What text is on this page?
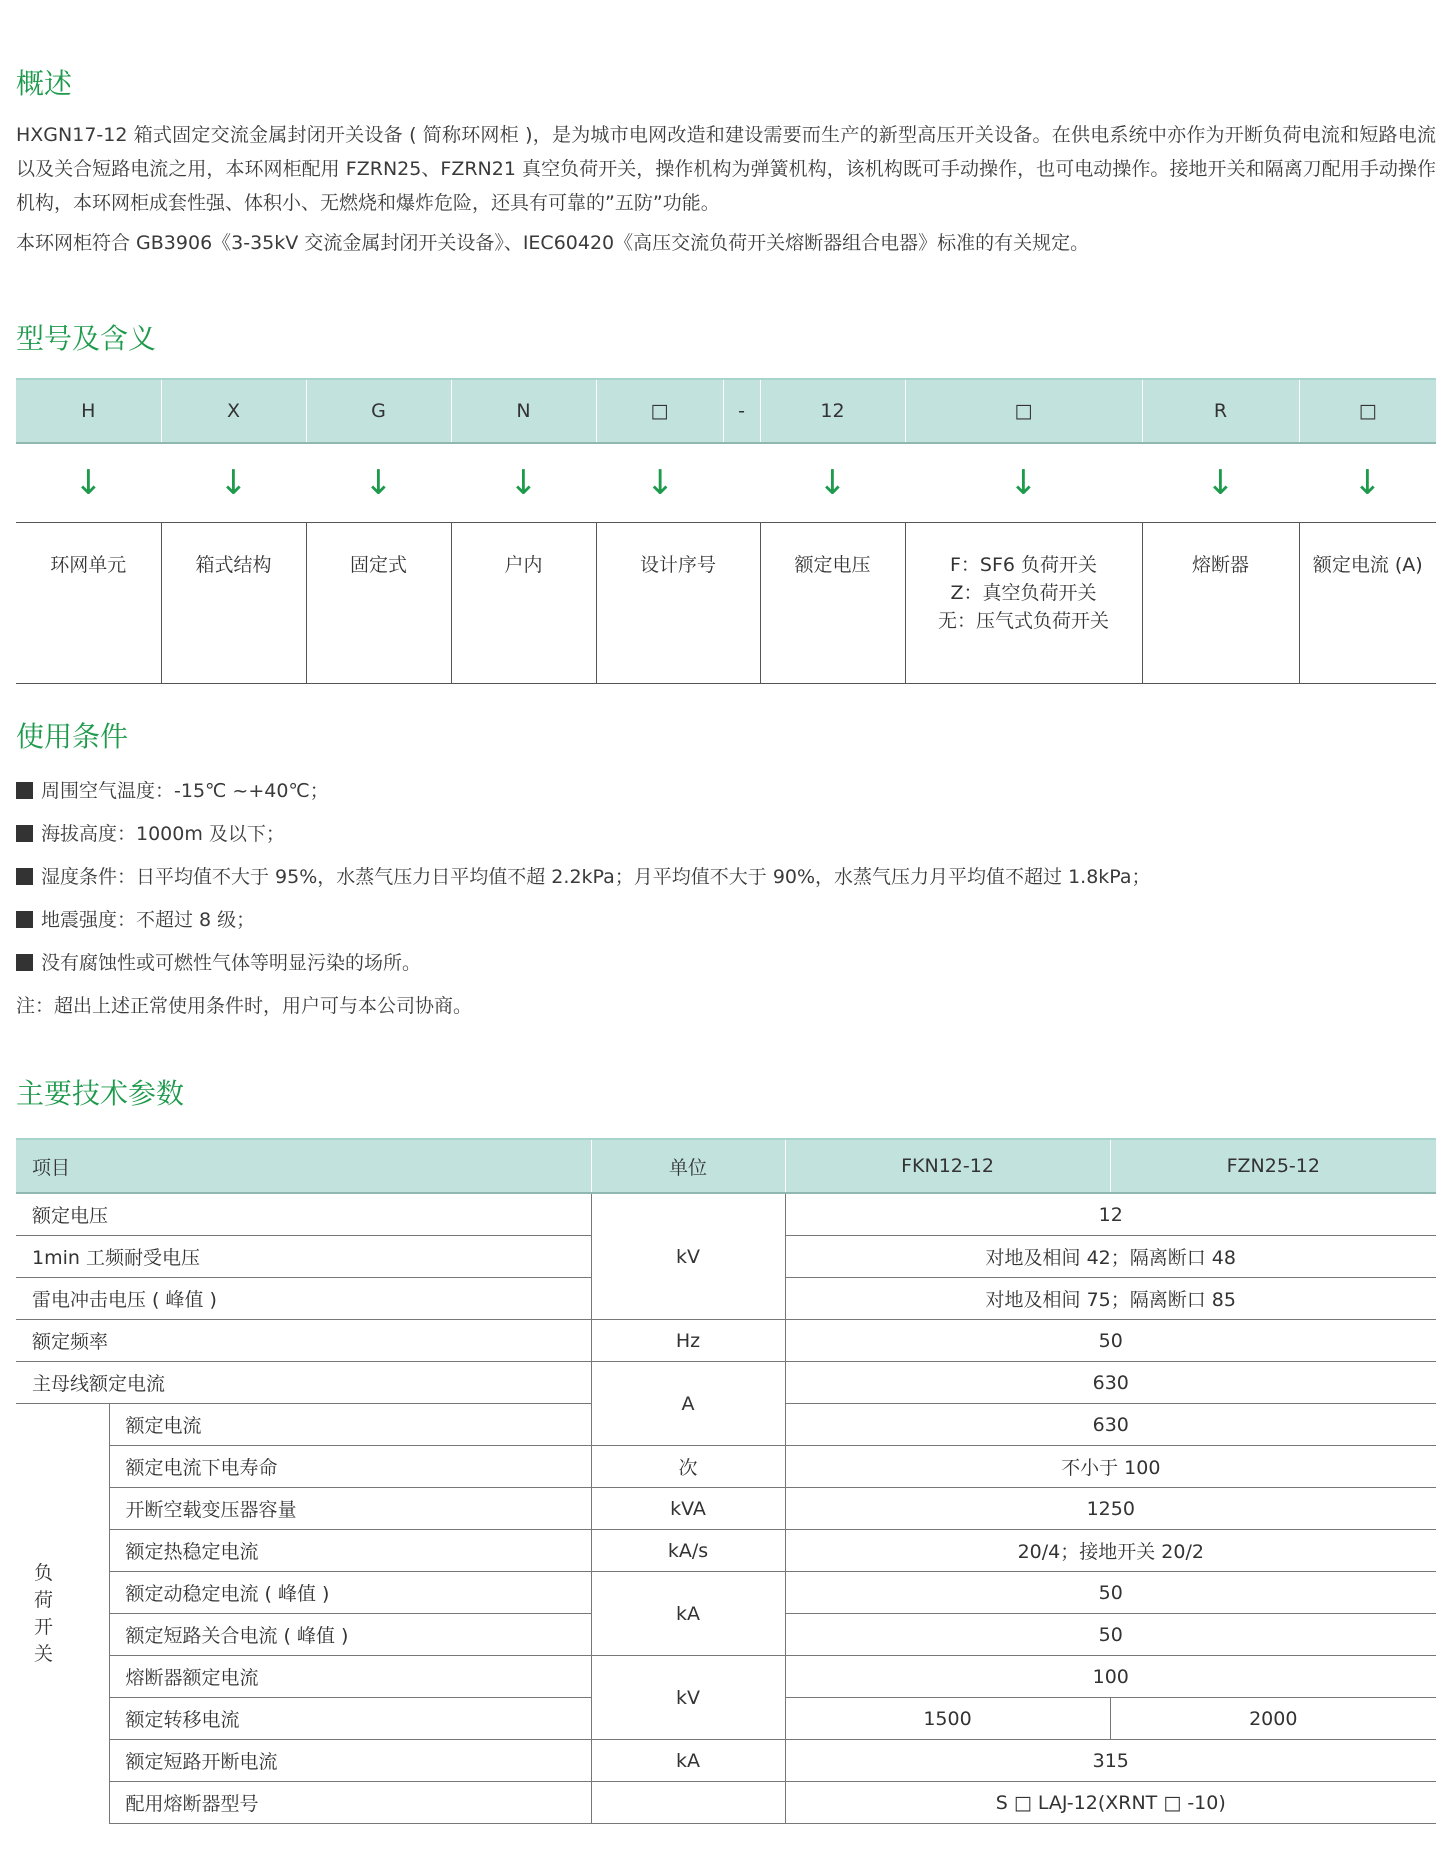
概述

HXGN17-12 箱式固定交流金属封闭开关设备 ( 简称环网柜 )，是为城市电网改造和建设需要而生产的新型高压开关设备。在供电系统中亦作为开断负荷电流和短路电流以及关合短路电流之用，本环网柜配用 FZRN25、FZRN21 真空负荷开关，操作机构为弹簧机构，该机构既可手动操作，也可电动操作。接地开关和隔离刀配用手动操作机构，本环网柜成套性强、体积小、无燃烧和爆炸危险，还具有可靠的”五防”功能。

本环网柜符合 GB3906《3-35kV 交流金属封闭开关设备》、IEC60420《高压交流负荷开关熔断器组合电器》标准的有关规定。

型号及含义
H	X	G	N	□	-	12	□	R	□
↓	↓	↓	↓	↓		↓	↓	↓	↓
环网单元	箱式结构	固定式	户内	设计序号		额定电压	F：SF6 负荷开关
Z：真空负荷开关
无：压气式负荷开关	熔断器	额定电流 (A)
使用条件
周围空气温度：-15℃ ~+40℃；
海拔高度：1000m 及以下；
湿度条件：日平均值不大于 95%，水蒸气压力日平均值不超 2.2kPa；月平均值不大于 90%，水蒸气压力月平均值不超过 1.8kPa；
地震强度：不超过 8 级；
没有腐蚀性或可燃性气体等明显污染的场所。
注：超出上述正常使用条件时，用户可与本公司协商。
主要技术参数
项目		单位	FKN12-12	FZN25-12
额定电压		kV	12	
1min 工频耐受电压			对地及相间 42；隔离断口 48	
雷电冲击电压 ( 峰值 )			对地及相间 75；隔离断口 85	
额定频率		Hz	50	
主母线额定电流		A	630	

负荷开关	额定电流		630	
	额定电流下电寿命	次	不小于 100	
	开断空载变压器容量	kVA	1250	
	额定热稳定电流	kA/s	20/4；接地开关 20/2	
	额定动稳定电流 ( 峰值 )	kA	50	
	额定短路关合电流 ( 峰值 )		50	
	熔断器额定电流	kV	100	
	额定转移电流		1500	2000
	额定短路开断电流	kA	315	
	配用熔断器型号		S □ LAJ-12(XRNT □ -10)	
